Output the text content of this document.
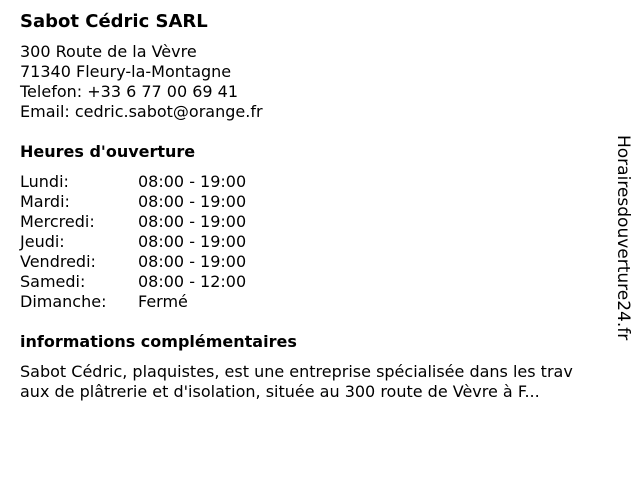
Sabot Cédric SARL
300 Route de la Vèvre
71340 Fleury-la-Montagne
Telefon: +33 6 77 00 69 41
Email: cedric.sabot@orange.fr
Heures d'ouverture
Lundi:	08:00 - 19:00
Mardi:	08:00 - 19:00
Mercredi:	08:00 - 19:00
Jeudi:	08:00 - 19:00
Vendredi:	08:00 - 19:00
Samedi:	08:00 - 12:00
Dimanche:	Fermé
informations complémentaires
Sabot Cédric, plaquistes, est une entreprise spécialisée dans les trav
aux de plâtrerie et d'isolation, située au 300 route de Vèvre à F...
Horairesdouverture24.fr
